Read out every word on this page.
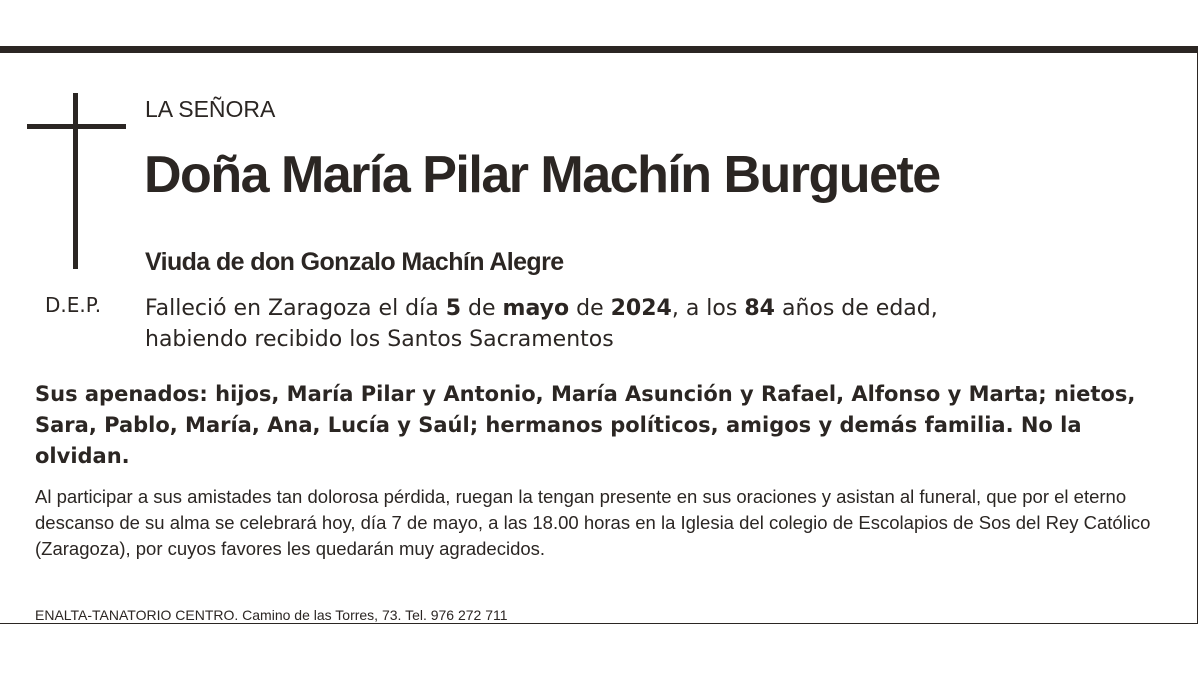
D.E.P.
LA SEÑORA
Doña María Pilar Machín Burguete
Viuda de don Gonzalo Machín Alegre
Falleció en Zaragoza el día 5 de mayo de 2024, a los 84 años de edad,
habiendo recibido los Santos Sacramentos
Sus apenados: hijos, María Pilar y Antonio, María Asunción y Rafael, Alfonso y Marta; nietos, Sara, Pablo, María, Ana, Lucía y Saúl; hermanos políticos, amigos y demás familia. No la olvidan.
Al participar a sus amistades tan dolorosa pérdida, ruegan la tengan presente en sus oraciones y asistan al funeral, que por el eterno descanso de su alma se celebrará hoy, día 7 de mayo, a las 18.00 horas en la Iglesia del colegio de Escolapios de Sos del Rey Católico (Zaragoza), por cuyos favores les quedarán muy agradecidos.
ENALTA-TANATORIO CENTRO. Camino de las Torres, 73. Tel. 976 272 711
